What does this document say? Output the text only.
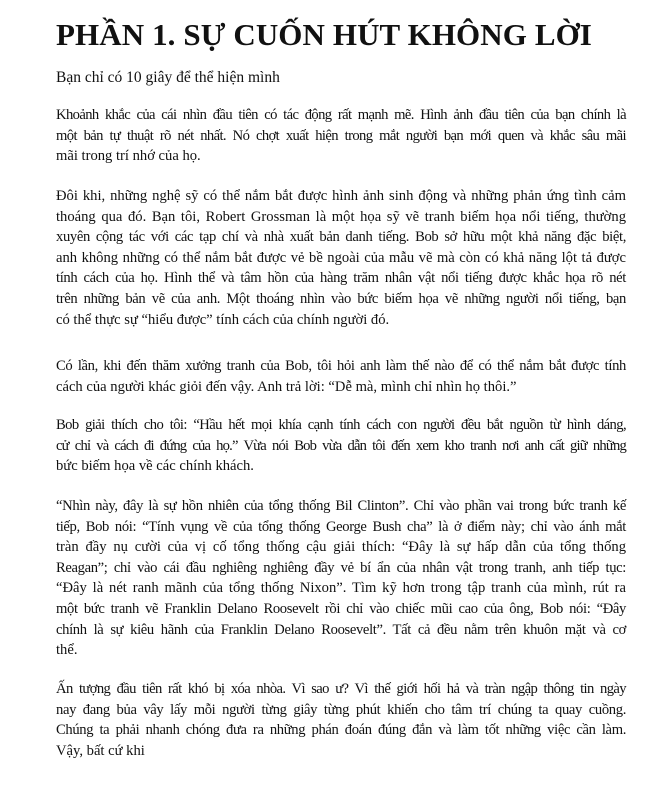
PHẦN 1. SỰ CUỐN HÚT KHÔNG LỜI

Bạn chỉ có 10 giây để thể hiện mình

Khoảnh khắc của cái nhìn đầu tiên có tác động rất mạnh mẽ. Hình ảnh đầu tiên của bạn chính là
một bản tự thuật rõ nét nhất. Nó chợt xuất hiện trong mắt người bạn mới quen và khắc sâu mãi
mãi trong trí nhớ của họ.

Đôi khi, những nghệ sỹ có thể nắm bắt được hình ảnh sinh động và những phản ứng tình cảm
thoáng qua đó. Bạn tôi, Robert Grossman là một họa sỹ vẽ tranh biếm họa nổi tiếng, thường
xuyên cộng tác với các tạp chí và nhà xuất bản danh tiếng. Bob sở hữu một khả năng đặc biệt,
anh không những có thể nắm bắt được vẻ bề ngoài của mẫu vẽ mà còn có khả năng lột tả được
tính cách của họ. Hình thể và tâm hồn của hàng trăm nhân vật nổi tiếng được khắc họa rõ nét
trên những bản vẽ của anh. Một thoáng nhìn vào bức biếm họa vẽ những người nổi tiếng, bạn
có thể thực sự “hiểu được” tính cách của chính người đó.

Có lần, khi đến thăm xưởng tranh của Bob, tôi hỏi anh làm thế nào để có thể nắm bắt được tính
cách của người khác giỏi đến vậy. Anh trả lời: “Dễ mà, mình chỉ nhìn họ thôi.”

Bob giải thích cho tôi: “Hầu hết mọi khía cạnh tính cách con người đều bắt nguồn từ hình dáng,
cử chỉ và cách đi đứng của họ.” Vừa nói Bob vừa dẫn tôi đến xem kho tranh nơi anh cất giữ những
bức biếm họa về các chính khách.

“Nhìn này, đây là sự hồn nhiên của tổng thống Bil Clinton”. Chỉ vào phần vai trong bức tranh kế
tiếp, Bob nói: “Tính vụng về của tổng thống George Bush cha” là ở điểm này; chỉ vào ánh mắt
tràn đầy nụ cười của vị cố tổng thống cậu giải thích: “Đây là sự hấp dẫn của tổng thống
Reagan”; chỉ vào cái đầu nghiêng nghiêng đầy vẻ bí ẩn của nhân vật trong tranh, anh tiếp tục:
“Đây là nét ranh mãnh của tổng thống Nixon”. Tìm kỹ hơn trong tập tranh của mình, rút ra
một bức tranh vẽ Franklin Delano Roosevelt rồi chỉ vào chiếc mũi cao của ông, Bob nói: “Đây
chính là sự kiêu hãnh của Franklin Delano Roosevelt”. Tất cả đều nằm trên khuôn mặt và cơ
thể.

Ấn tượng đầu tiên rất khó bị xóa nhòa. Vì sao ư? Vì thế giới hối hả và tràn ngập thông tin ngày
nay đang bủa vây lấy mỗi người từng giây từng phút khiến cho tâm trí chúng ta quay cuồng.
Chúng ta phải nhanh chóng đưa ra những phán đoán đúng đắn và làm tốt những việc cần làm.
Vậy, bất cứ khi
